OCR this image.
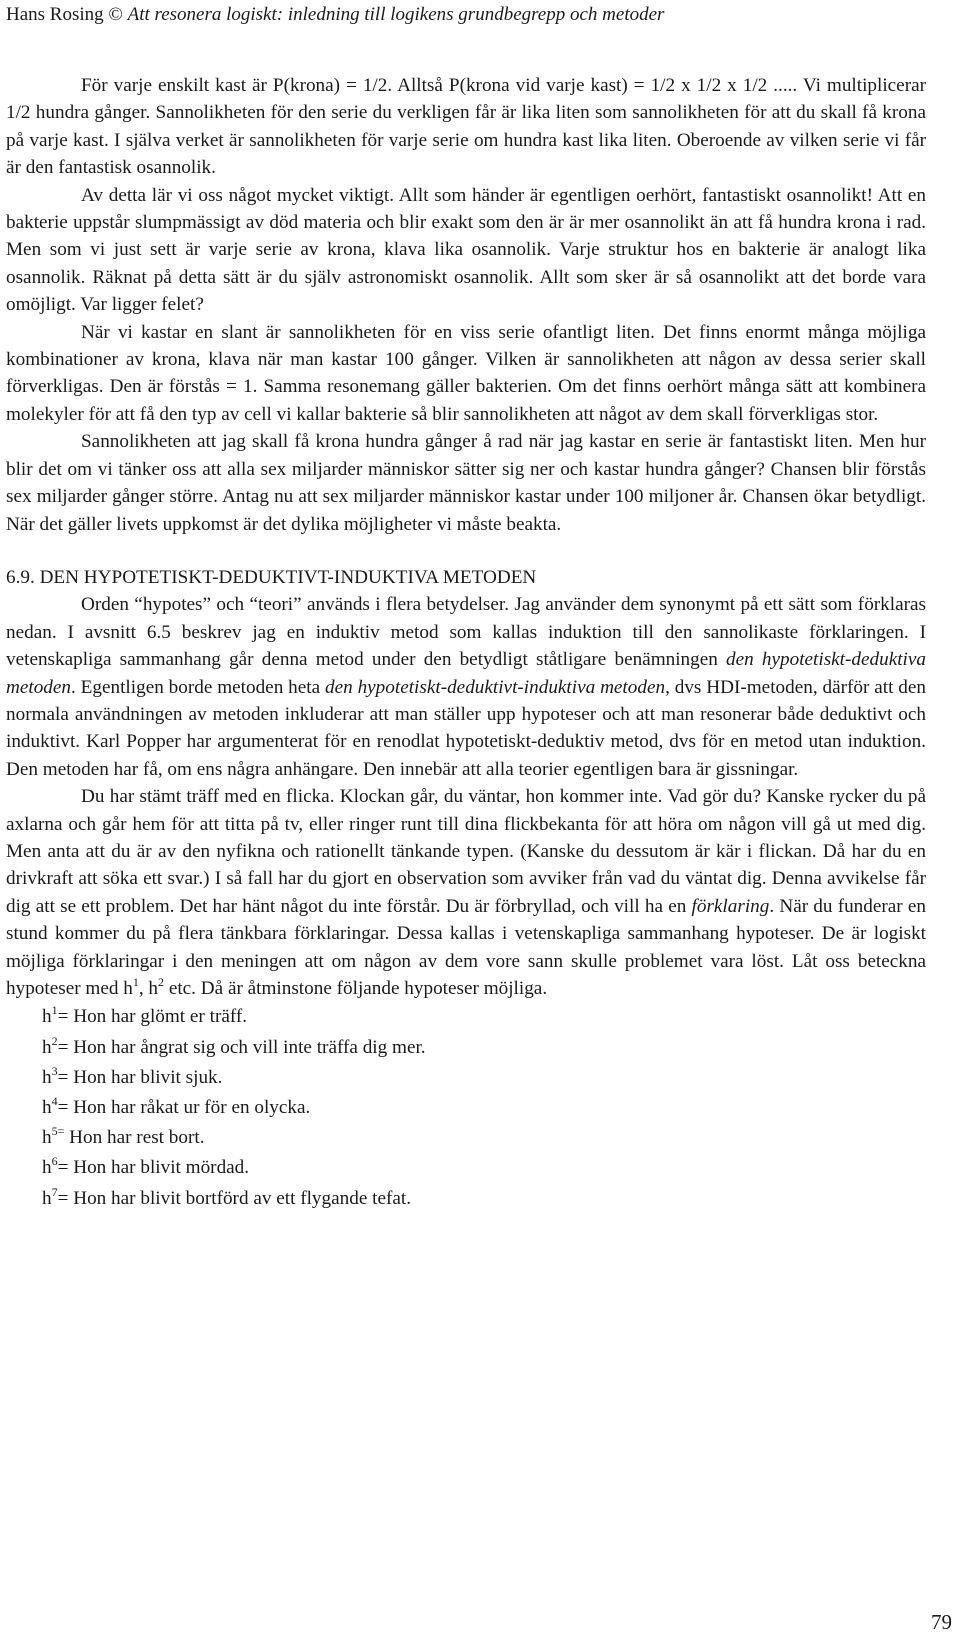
Hans Rosing © Att resonera logiskt: inledning till logikens grundbegrepp och metoder

För varje enskilt kast är P(krona) = 1/2. Alltså P(krona vid varje kast) = 1/2 x 1/2 x 1/2 ..... Vi multiplicerar 1/2 hundra gånger. Sannolikheten för den serie du verkligen får är lika liten som sannolikheten för att du skall få krona på varje kast. I själva verket är sannolikheten för varje serie om hundra kast lika liten. Oberoende av vilken serie vi får är den fantastisk osannolik.

Av detta lär vi oss något mycket viktigt. Allt som händer är egentligen oerhört, fantastiskt osannolikt! Att en bakterie uppstår slumpmässigt av död materia och blir exakt som den är är mer osannolikt än att få hundra krona i rad. Men som vi just sett är varje serie av krona, klava lika osannolik. Varje struktur hos en bakterie är analogt lika osannolik. Räknat på detta sätt är du själv astronomiskt osannolik. Allt som sker är så osannolikt att det borde vara omöjligt. Var ligger felet?

När vi kastar en slant är sannolikheten för en viss serie ofantligt liten. Det finns enormt många möjliga kombinationer av krona, klava när man kastar 100 gånger. Vilken är sannolikheten att någon av dessa serier skall förverkligas. Den är förstås = 1. Samma resonemang gäller bakterien. Om det finns oerhört många sätt att kombinera molekyler för att få den typ av cell vi kallar bakterie så blir sannolikheten att något av dem skall förverkligas stor.

Sannolikheten att jag skall få krona hundra gånger å rad när jag kastar en serie är fantastiskt liten. Men hur blir det om vi tänker oss att alla sex miljarder människor sätter sig ner och kastar hundra gånger? Chansen blir förstås sex miljarder gånger större. Antag nu att sex miljarder människor kastar under 100 miljoner år. Chansen ökar betydligt. När det gäller livets uppkomst är det dylika möjligheter vi måste beakta.

6.9. DEN HYPOTETISKT-DEDUKTIVT-INDUKTIVA METODEN

Orden “hypotes” och “teori” används i flera betydelser. Jag använder dem synonymt på ett sätt som förklaras nedan. I avsnitt 6.5 beskrev jag en induktiv metod som kallas induktion till den sannolikaste förklaringen. I vetenskapliga sammanhang går denna metod under den betydligt ståtligare benämningen den hypotetiskt-deduktiva metoden. Egentligen borde metoden heta den hypotetiskt-deduktivt-induktiva metoden, dvs HDI-metoden, därför att den normala användningen av metoden inkluderar att man ställer upp hypoteser och att man resonerar både deduktivt och induktivt. Karl Popper har argumenterat för en renodlat hypotetiskt-deduktiv metod, dvs för en metod utan induktion. Den metoden har få, om ens några anhängare. Den innebär att alla teorier egentligen bara är gissningar.

Du har stämt träff med en flicka. Klockan går, du väntar, hon kommer inte. Vad gör du? Kanske rycker du på axlarna och går hem för att titta på tv, eller ringer runt till dina flickbekanta för att höra om någon vill gå ut med dig. Men anta att du är av den nyfikna och rationellt tänkande typen. (Kanske du dessutom är kär i flickan. Då har du en drivkraft att söka ett svar.) I så fall har du gjort en observation som avviker från vad du väntat dig. Denna avvikelse får dig att se ett problem. Det har hänt något du inte förstår. Du är förbryllad, och vill ha en förklaring. När du funderar en stund kommer du på flera tänkbara förklaringar. Dessa kallas i vetenskapliga sammanhang hypoteser. De är logiskt möjliga förklaringar i den meningen att om någon av dem vore sann skulle problemet vara löst. Låt oss beteckna hypoteser med h$^1$, h$^2$ etc. Då är åtminstone följande hypoteser möjliga.

$h^1=$ Hon har glömt er träff.

$h^2=$ Hon har ångrat sig och vill inte träffa dig mer.

$h^3=$ Hon har blivit sjuk.

$h^4=$ Hon har råkat ur för en olycka.

$h^{5=}$ Hon har rest bort.

$h^6=$ Hon har blivit mördad.

$h^7=$ Hon har blivit bortförd av ett flygande tefat.

79
